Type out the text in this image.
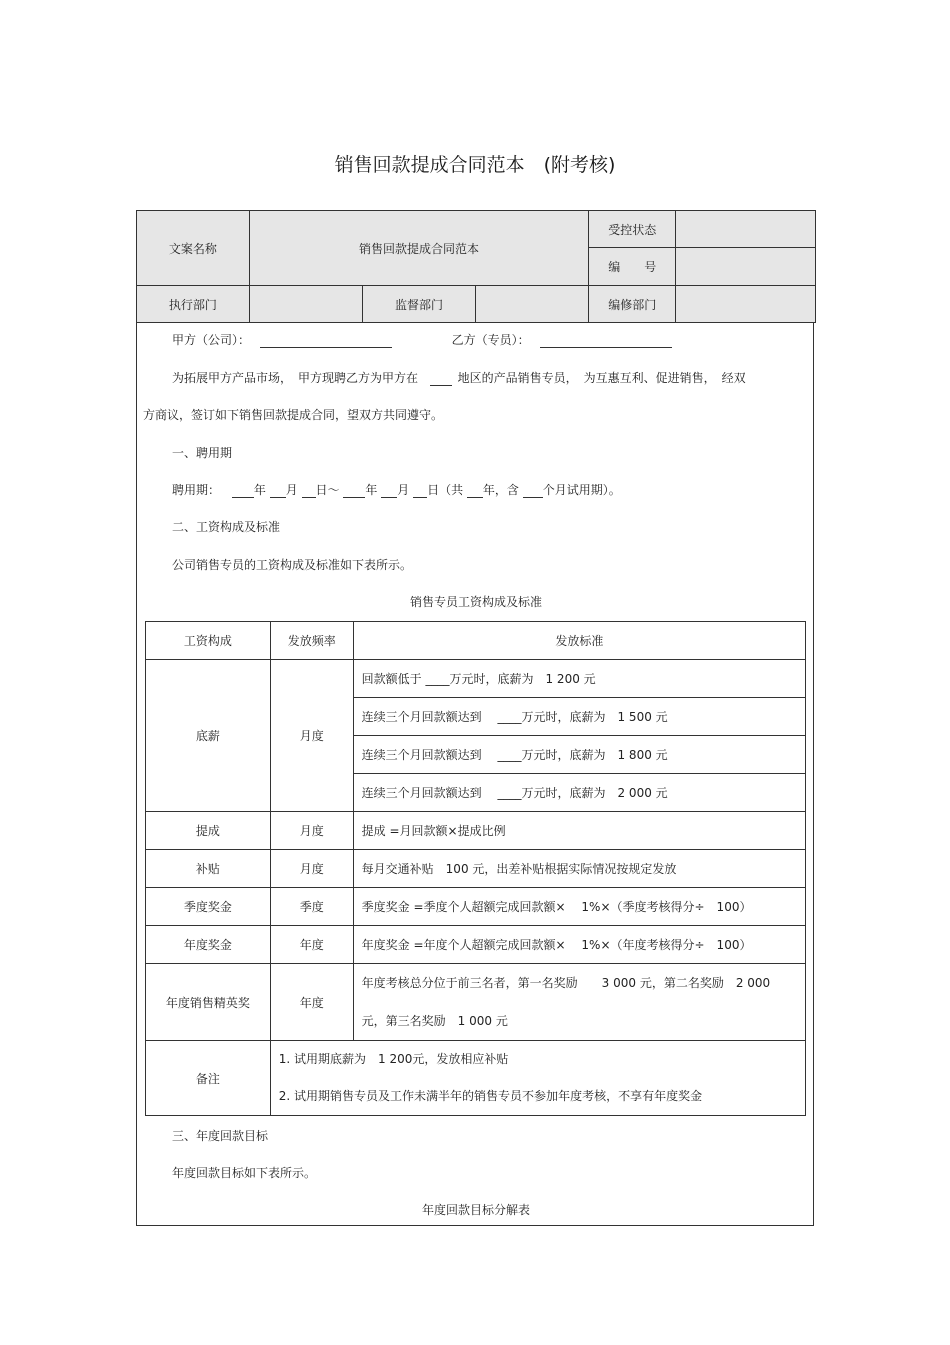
销售回款提成合同范本　(附考核)
文案名称	销售回款提成合同范本			受控状态	
				编　　号	
执行部门		监督部门		编修部门	
甲方（公司）：	乙方（专员）：
为拓展甲方产品市场，　甲方现聘乙方为甲方在	地区的产品销售专员，　为互惠互利、促进销售，　经双
方商议，签订如下销售回款提成合同，望双方共同遵守。
一、聘用期
聘用期：	年 月 日～ 年 月 日（共 年，含 个月试用期）。
二、工资构成及标准
公司销售专员的工资构成及标准如下表所示。
销售专员工资构成及标准
工资构成	发放频率	发放标准
底薪	月度	回款额低于 ____万元时，底薪为　1 200 元
		连续三个月回款额达到　 ____万元时，底薪为　1 500 元
		连续三个月回款额达到　 ____万元时，底薪为　1 800 元
		连续三个月回款额达到　 ____万元时，底薪为　2 000 元
提成	月度	提成 =月回款额×提成比例
补贴	月度	每月交通补贴　100 元，出差补贴根据实际情况按规定发放
季度奖金	季度	季度奖金 =季度个人超额完成回款额×　 1%×（季度考核得分÷　100）
年度奖金	年度	年度奖金 =年度个人超额完成回款额×　 1%×（年度考核得分÷　100）
年度销售精英奖	年度	年度考核总分位于前三名者，第一名奖励　　3 000 元，第二名奖励　2 000
元，第三名奖励　1 000 元

备注	1. 试用期底薪为　1 200元，发放相应补贴
2. 试用期销售专员及工作未满半年的销售专员不参加年度考核，不享有年度奖金	
三、年度回款目标
年度回款目标如下表所示。
年度回款目标分解表
